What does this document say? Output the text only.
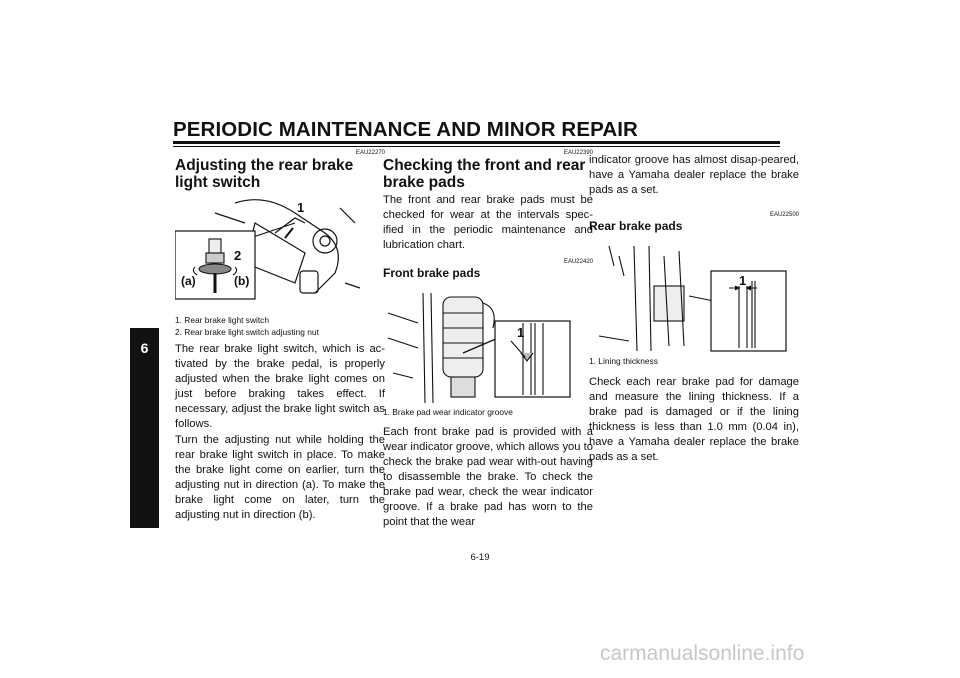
PERIODIC MAINTENANCE AND MINOR REPAIR
6
EAU22270
Adjusting the rear brake light switch
1
2
(a)	(b)
1. Rear brake light switch
2. Rear brake light switch adjusting nut

The rear brake light switch, which is ac-tivated by the brake pedal, is properly adjusted when the brake light comes on just before braking takes effect. If necessary, adjust the brake light switch as follows.

Turn the adjusting nut while holding the rear brake light switch in place. To make the brake light come on earlier, turn the adjusting nut in direction (a). To make the brake light come on later, turn the adjusting nut in direction (b).

EAU22390
Checking the front and rear brake pads

The front and rear brake pads must be checked for wear at the intervals spec-ified in the periodic maintenance and lubrication chart.

EAU22420
Front brake pads
1
1. Brake pad wear indicator groove

Each front brake pad is provided with a wear indicator groove, which allows you to check the brake pad wear with-out having to disassemble the brake. To check the brake pad wear, check the wear indicator groove. If a brake pad has worn to the point that the wear

indicator groove has almost disap-peared, have a Yamaha dealer replace the brake pads as a set.

EAU22500
Rear brake pads
1
1. Lining thickness

Check each rear brake pad for damage and measure the lining thickness. If a brake pad is damaged or if the lining thickness is less than 1.0 mm (0.04 in), have a Yamaha dealer replace the brake pads as a set.

6-19
carmanualsonline.info
